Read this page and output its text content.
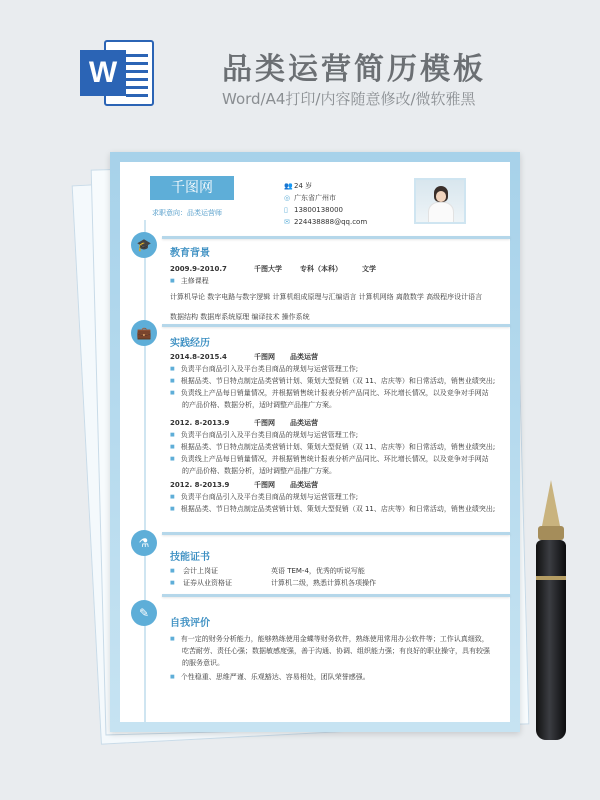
W	品类运营简历模板
Word/A4打印/内容随意修改/微软雅黑
千图网
求职意向：品类运营师
👥24 岁
◎ 广东省广州市
▯ 13800138000
✉ 224438888@qq.com
🎓
教育背景
2009.9-2010.7	千图大学	专科（本科）	文学
■ 主修课程
计算机导论 数字电路与数字逻辑 计算机组成原理与汇编语言 计算机网络 离散数学 高级程序设计语言
数据结构 数据库系统原理 编译技术 操作系统
💼
实践经历
2014.8-2015.4	千图网 品类运营
■ 负责平台商品引入及平台类目商品的规划与运营管理工作;
■ 根据品类、节日特点制定品类营销计划、策划大型促销（双 11、店庆等）和日常活动，销售业绩突出;
■ 负责线上产品每日销量情况，并根据销售统计报表分析产品同比、环比增长情况，以及竞争对手网站
的产品价格、数据分析，适时调整产品推广方案。
2012. 8-2013.9	千图网 品类运营
■ 负责平台商品引入及平台类目商品的规划与运营管理工作;
■ 根据品类、节日特点制定品类营销计划、策划大型促销（双 11、店庆等）和日常活动，销售业绩突出;
■ 负责线上产品每日销量情况，并根据销售统计报表分析产品同比、环比增长情况，以及竞争对手网站
的产品价格、数据分析，适时调整产品推广方案。
2012. 8-2013.9	千图网 品类运营
■ 负责平台商品引入及平台类目商品的规划与运营管理工作;
■ 根据品类、节日特点制定品类营销计划、策划大型促销（双 11、店庆等）和日常活动，销售业绩突出;
⚗
技能证书
■ 会计上岗证	英语 TEM-4，优秀的听说写能
■ 证券从业资格证	计算机二级，熟悉计算机各项操作
✎
自我评价
■ 有一定的财务分析能力，能够熟练使用金蝶等财务软件，熟练使用常用办公软件等；工作认真细致，
吃苦耐劳、责任心强；数据敏感度强，善于沟通、协调、组织能力强；有良好的职业操守，具有较强
的服务意识。
■ 个性稳重、思维严谨、乐观豁达、容易相处，团队荣誉感强。
